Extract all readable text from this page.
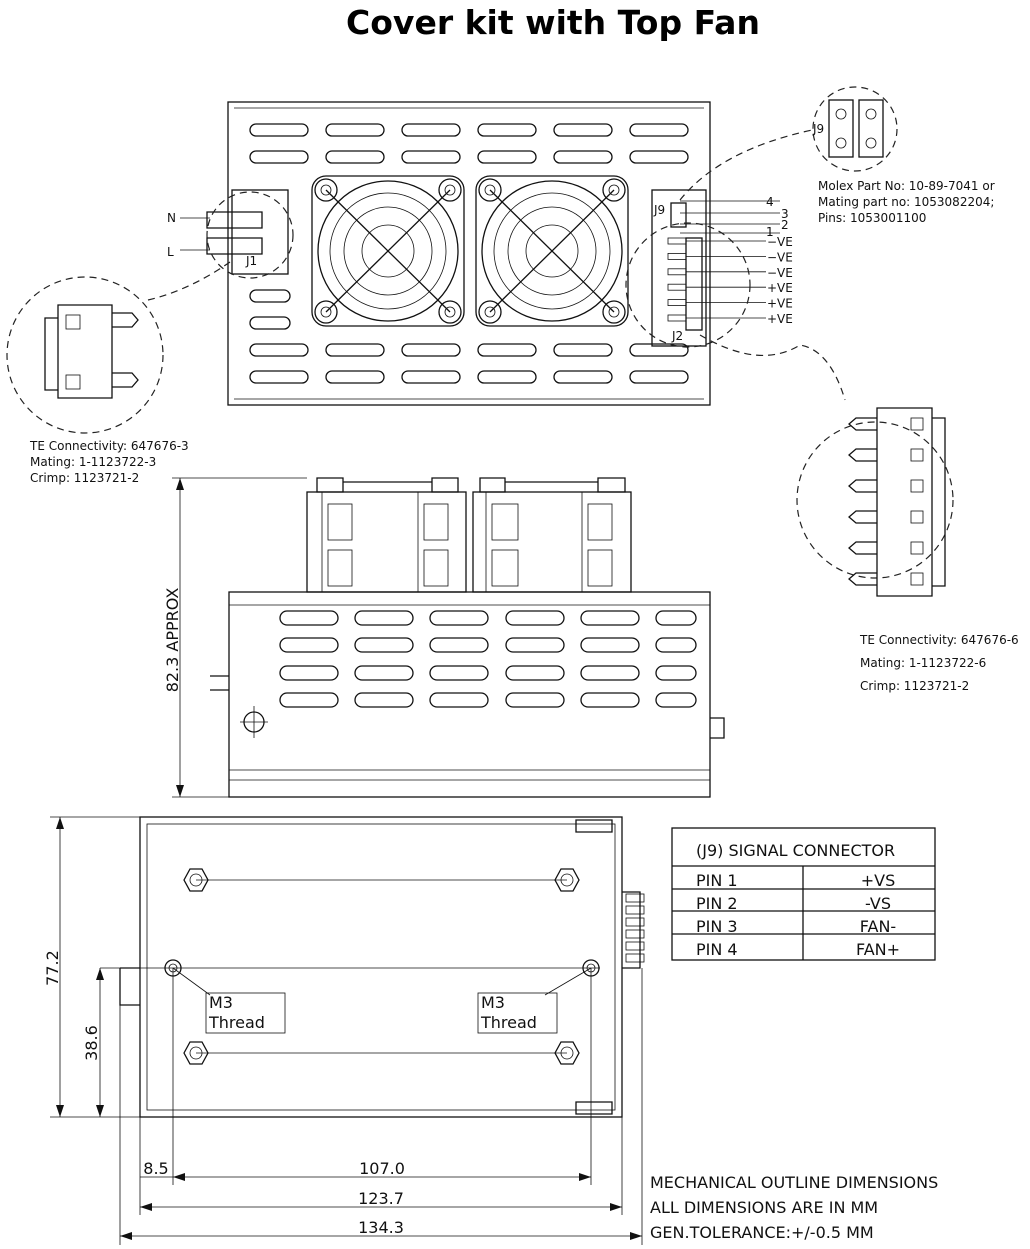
Cover kit with Top Fan
N
L
J1
J9
J2
4
3
2
1
−VE
−VE
−VE
+VE
+VE
+VE
J9
Molex Part No: 10-89-7041 or
Mating part no: 1053082204;
Pins: 1053001100
TE Connectivity: 647676-3
Mating: 1-1123722-3
Crimp: 1123721-2
TE Connectivity: 647676-6
Mating: 1-1123722-6
Crimp: 1123721-2
82.3 APPROX
M3
Thread
M3
Thread
77.2
38.6
8.5	107.0
123.7
134.3
(J9) SIGNAL CONNECTOR
PIN 1	+VS
PIN 2	-VS
PIN 3	FAN-
PIN 4	FAN+
MECHANICAL OUTLINE DIMENSIONS
ALL DIMENSIONS ARE IN MM
GEN.TOLERANCE:+/-0.5 MM
